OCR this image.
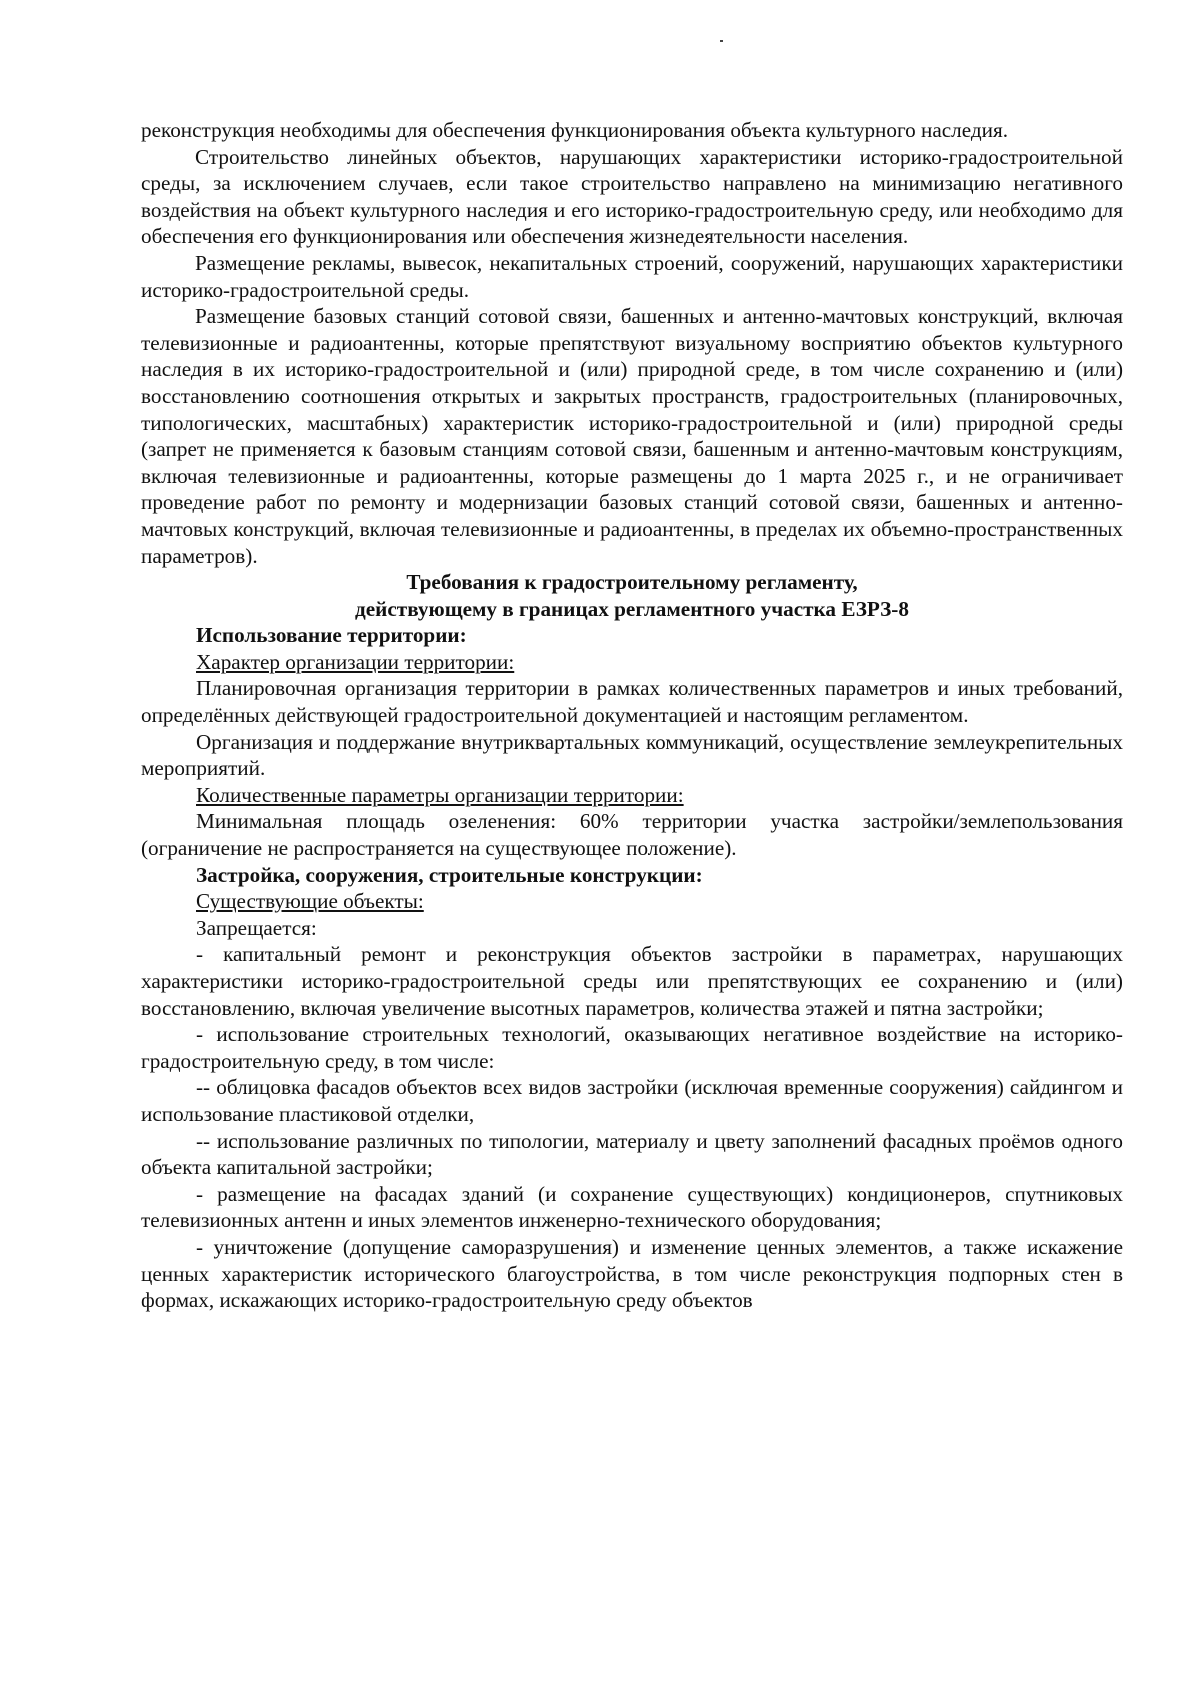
реконструкция необходимы для обеспечения функционирования объекта культурного наследия.

Строительство линейных объектов, нарушающих характеристики историко-градостроительной среды, за исключением случаев, если такое строительство направлено на минимизацию негативного воздействия на объект культурного наследия и его историко-градостроительную среду, или необходимо для обеспечения его функционирования или обеспечения жизнедеятельности населения.

Размещение рекламы, вывесок, некапитальных строений, сооружений, нарушающих характеристики историко-градостроительной среды.

Размещение базовых станций сотовой связи, башенных и антенно-мачтовых конструкций, включая телевизионные и радиоантенны, которые препятствуют визуальному восприятию объектов культурного наследия в их историко-градостроительной и (или) природной среде, в том числе сохранению и (или) восстановлению соотношения открытых и закрытых пространств, градостроительных (планировочных, типологических, масштабных) характеристик историко-градостроительной и (или) природной среды (запрет не применяется к базовым станциям сотовой связи, башенным и антенно-мачтовым конструкциям, включая телевизионные и радиоантенны, которые размещены до 1 марта 2025 г., и не ограничивает проведение работ по ремонту и модернизации базовых станций сотовой связи, башенных и антенно-мачтовых конструкций, включая телевизионные и радиоантенны, в пределах их объемно-пространственных параметров).

Требования к градостроительному регламенту,

действующему в границах регламентного участка ЕЗРЗ-8

Использование территории:

Характер организации территории:

Планировочная организация территории в рамках количественных параметров и иных требований, определённых действующей градостроительной документацией и настоящим регламентом.

Организация и поддержание внутриквартальных коммуникаций, осуществление землеукрепительных мероприятий.

Количественные параметры организации территории:

Минимальная площадь озеленения: 60% территории участка застройки/землепользования (ограничение не распространяется на существующее положение).

Застройка, сооружения, строительные конструкции:

Существующие объекты:

Запрещается:

- капитальный ремонт и реконструкция объектов застройки в параметрах, нарушающих характеристики историко-градостроительной среды или препятствующих ее сохранению и (или) восстановлению, включая увеличение высотных параметров, количества этажей и пятна застройки;

- использование строительных технологий, оказывающих негативное воздействие на историко-градостроительную среду, в том числе:

-- облицовка фасадов объектов всех видов застройки (исключая временные сооружения) сайдингом и использование пластиковой отделки,

-- использование различных по типологии, материалу и цвету заполнений фасадных проёмов одного объекта капитальной застройки;

- размещение на фасадах зданий (и сохранение существующих) кондиционеров, спутниковых телевизионных антенн и иных элементов инженерно-технического оборудования;

- уничтожение (допущение саморазрушения) и изменение ценных элементов, а также искажение ценных характеристик исторического благоустройства, в том числе реконструкция подпорных стен в формах, искажающих историко-градостроительную среду объектов
